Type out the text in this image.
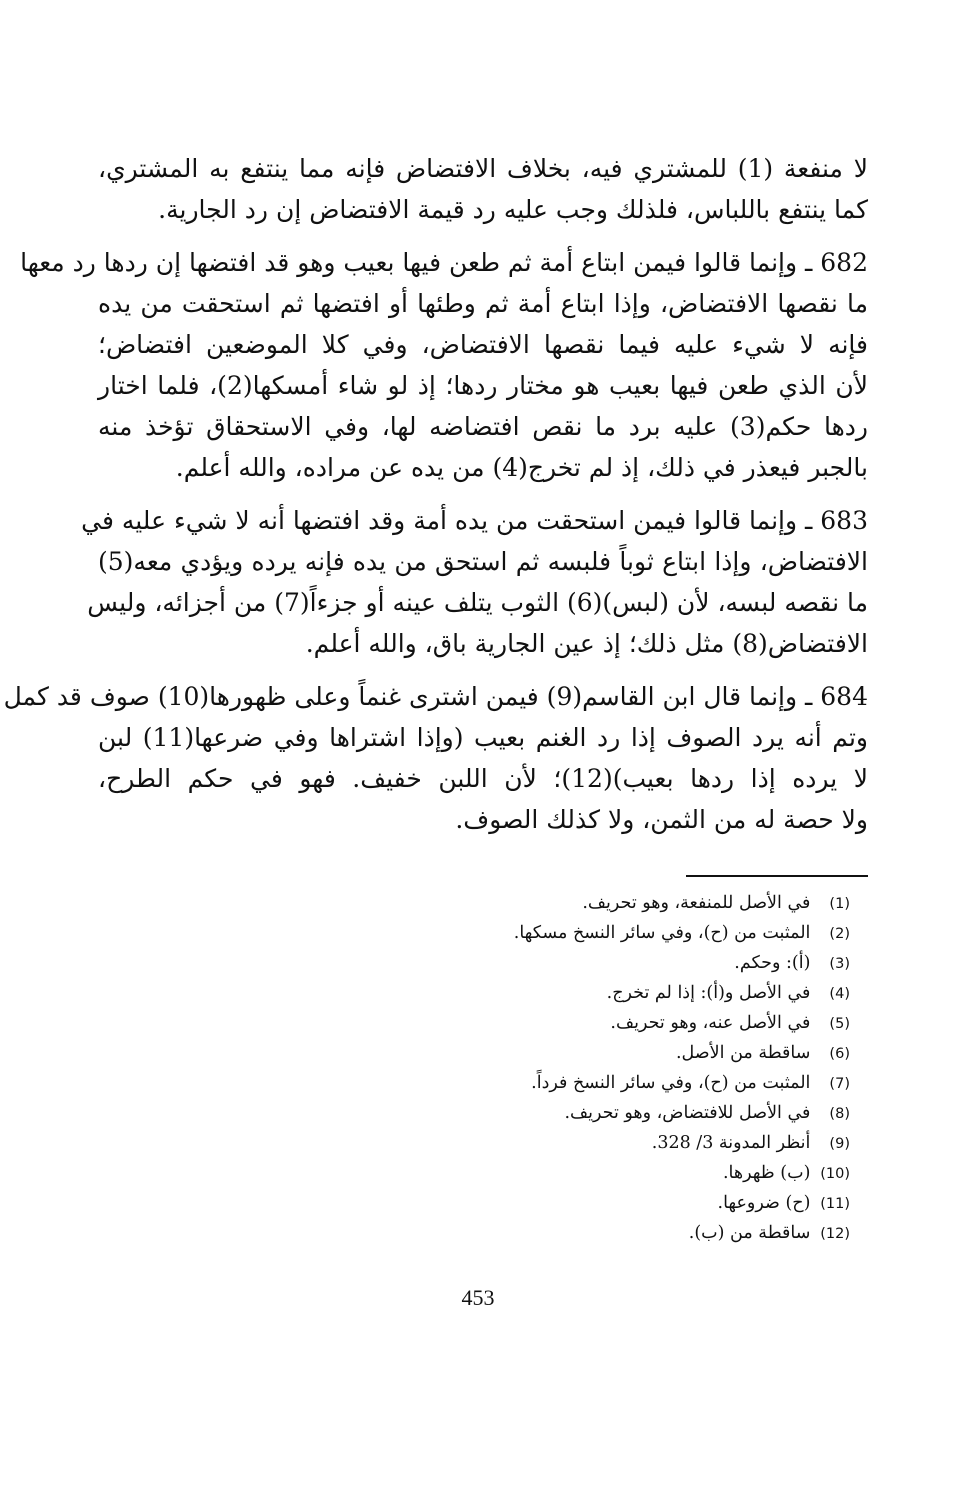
لا منفعة (1) للمشتري فيه، بخلاف الافتضاض فإنه مما ينتفع به المشتري،
كما ينتفع باللباس، فلذلك وجب عليه رد قيمة الافتضاض إن رد الجارية.
682 ـ وإنما قالوا فيمن ابتاع أمة ثم طعن فيها بعيب وهو قد افتضها إن ردها رد معها
ما نقصها الافتضاض، وإذا ابتاع أمة ثم وطئها أو افتضها ثم استحقت من يده
فإنه لا شيء عليه فيما نقصها الافتضاض، وفي كلا الموضعين افتضاض؛
لأن الذي طعن فيها بعيب هو مختار ردها؛ إذ لو شاء أمسكها(2)، فلما اختار
ردها حكم(3) عليه برد ما نقص افتضاضه لها، وفي الاستحقاق تؤخذ منه
بالجبر فيعذر في ذلك، إذ لم تخرج(4) من يده عن مراده، والله أعلم.
683 ـ وإنما قالوا فيمن استحقت من يده أمة وقد افتضها أنه لا شيء عليه في
الافتضاض، وإذا ابتاع ثوباً فلبسه ثم استحق من يده فإنه يرده ويؤدي معه(5)
ما نقصه لبسه، لأن (لبس)(6) الثوب يتلف عينه أو جزءاً(7) من أجزائه، وليس
الافتضاض(8) مثل ذلك؛ إذ عين الجارية باق، والله أعلم.
684 ـ وإنما قال ابن القاسم(9) فيمن اشترى غنماً وعلى ظهورها(10) صوف قد كمل
وتم أنه يرد الصوف إذا رد الغنم بعيب (وإذا اشتراها وفي ضرعها(11) لبن
لا يرده إذا ردها بعيب)(12)؛ لأن اللبن خفيف. فهو في حكم الطرح،
ولا حصة له من الثمن، ولا كذلك الصوف.
(1) في الأصل للمنفعة، وهو تحريف.
(2) المثبت من (ح)، وفي سائر النسخ مسكها.
(3) (أ): وحكم.
(4) في الأصل و(أ): إذا لم تخرج.
(5) في الأصل عنه، وهو تحريف.
(6) ساقطة من الأصل.
(7) المثبت من (ح)، وفي سائر النسخ فرداً.
(8) في الأصل للافتضاض، وهو تحريف.
(9) أنظر المدونة 3/ 328.
(10) (ب) ظهرها.
(11) (ح) ضروعها.
(12) ساقطة من (ب).
453
